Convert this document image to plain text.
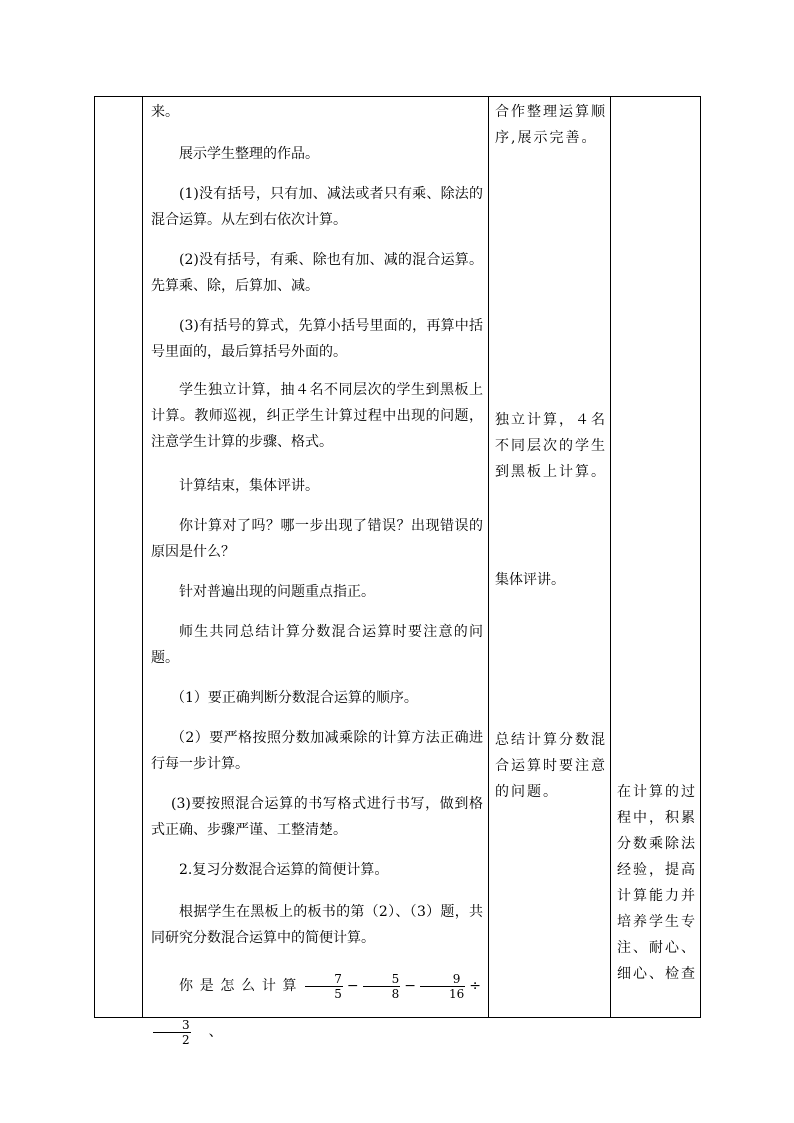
来。

展示学生整理的作品。

(1)没有括号，只有加、减法或者只有乘、除法的混合运算。从左到右依次计算。

(2)没有括号，有乘、除也有加、减的混合运算。先算乘、除，后算加、减。

(3)有括号的算式，先算小括号里面的，再算中括号里面的，最后算括号外面的。

学生独立计算，抽４名不同层次的学生到黑板上计算。教师巡视，纠正学生计算过程中出现的问题，注意学生计算的步骤、格式。

计算结束，集体评讲。

你计算对了吗？哪一步出现了错误？出现错误的原因是什么？

针对普遍出现的问题重点指正。

师生共同总结计算分数混合运算时要注意的问题。

（1）要正确判断分数混合运算的顺序。

（2）要严格按照分数加减乘除的计算方法正确进行每一步计算。

(3)要按照混合运算的书写格式进行书写，做到格式正确、步骤严谨、工整清楚。

2.复习分数混合运算的简便计算。

根据学生在黑板上的板书的第（2）、（3）题，共同研究分数混合运算中的简便计算。

你是怎么计算 $\frac{7}{5} - \frac{5}{8} - \frac{9}{16}$ ÷
$\frac{3}{2}$ 、

合作整理运算顺序,展示完善。

独立计算，４名不同层次的学生到黑板上计算。

集体评讲。

总结计算分数混合运算时要注意的问题。	在计算的过程中，积累分数乘除法经验，提高计算能力并培养学生专注、耐心、细心、检查
